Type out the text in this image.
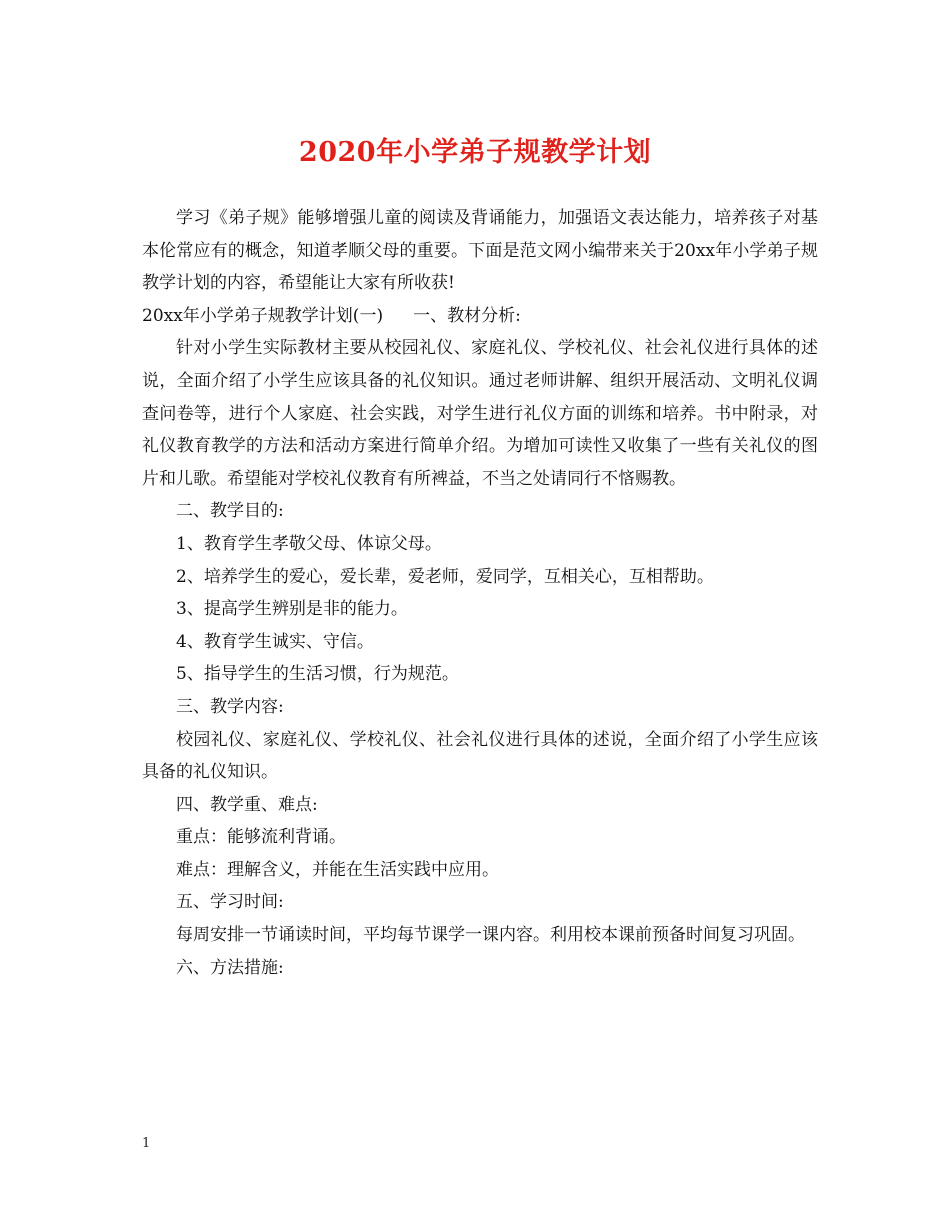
2020年小学弟子规教学计划

学习《弟子规》能够增强儿童的阅读及背诵能力，加强语文表达能力，培养孩子对基本伦常应有的概念，知道孝顺父母的重要。下面是范文网小编带来关于20xx年小学弟子规教学计划的内容，希望能让大家有所收获!

20xx年小学弟子规教学计划(一) 一、教材分析:

针对小学生实际教材主要从校园礼仪、家庭礼仪、学校礼仪、社会礼仪进行具体的述说，全面介绍了小学生应该具备的礼仪知识。通过老师讲解、组织开展活动、文明礼仪调查问卷等，进行个人家庭、社会实践，对学生进行礼仪方面的训练和培养。书中附录，对礼仪教育教学的方法和活动方案进行简单介绍。为增加可读性又收集了一些有关礼仪的图片和儿歌。希望能对学校礼仪教育有所裨益，不当之处请同行不悋赐教。

二、教学目的:

1、教育学生孝敬父母、体谅父母。

2、培养学生的爱心，爱长辈，爱老师，爱同学，互相关心，互相帮助。

3、提高学生辨别是非的能力。

4、教育学生诚实、守信。

5、指导学生的生活习惯，行为规范。

三、教学内容:

校园礼仪、家庭礼仪、学校礼仪、社会礼仪进行具体的述说，全面介绍了小学生应该具备的礼仪知识。

四、教学重、难点:

重点：能够流利背诵。

难点：理解含义，并能在生活实践中应用。

五、学习时间:

每周安排一节诵读时间，平均每节课学一课内容。利用校本课前预备时间复习巩固。

六、方法措施:

1
